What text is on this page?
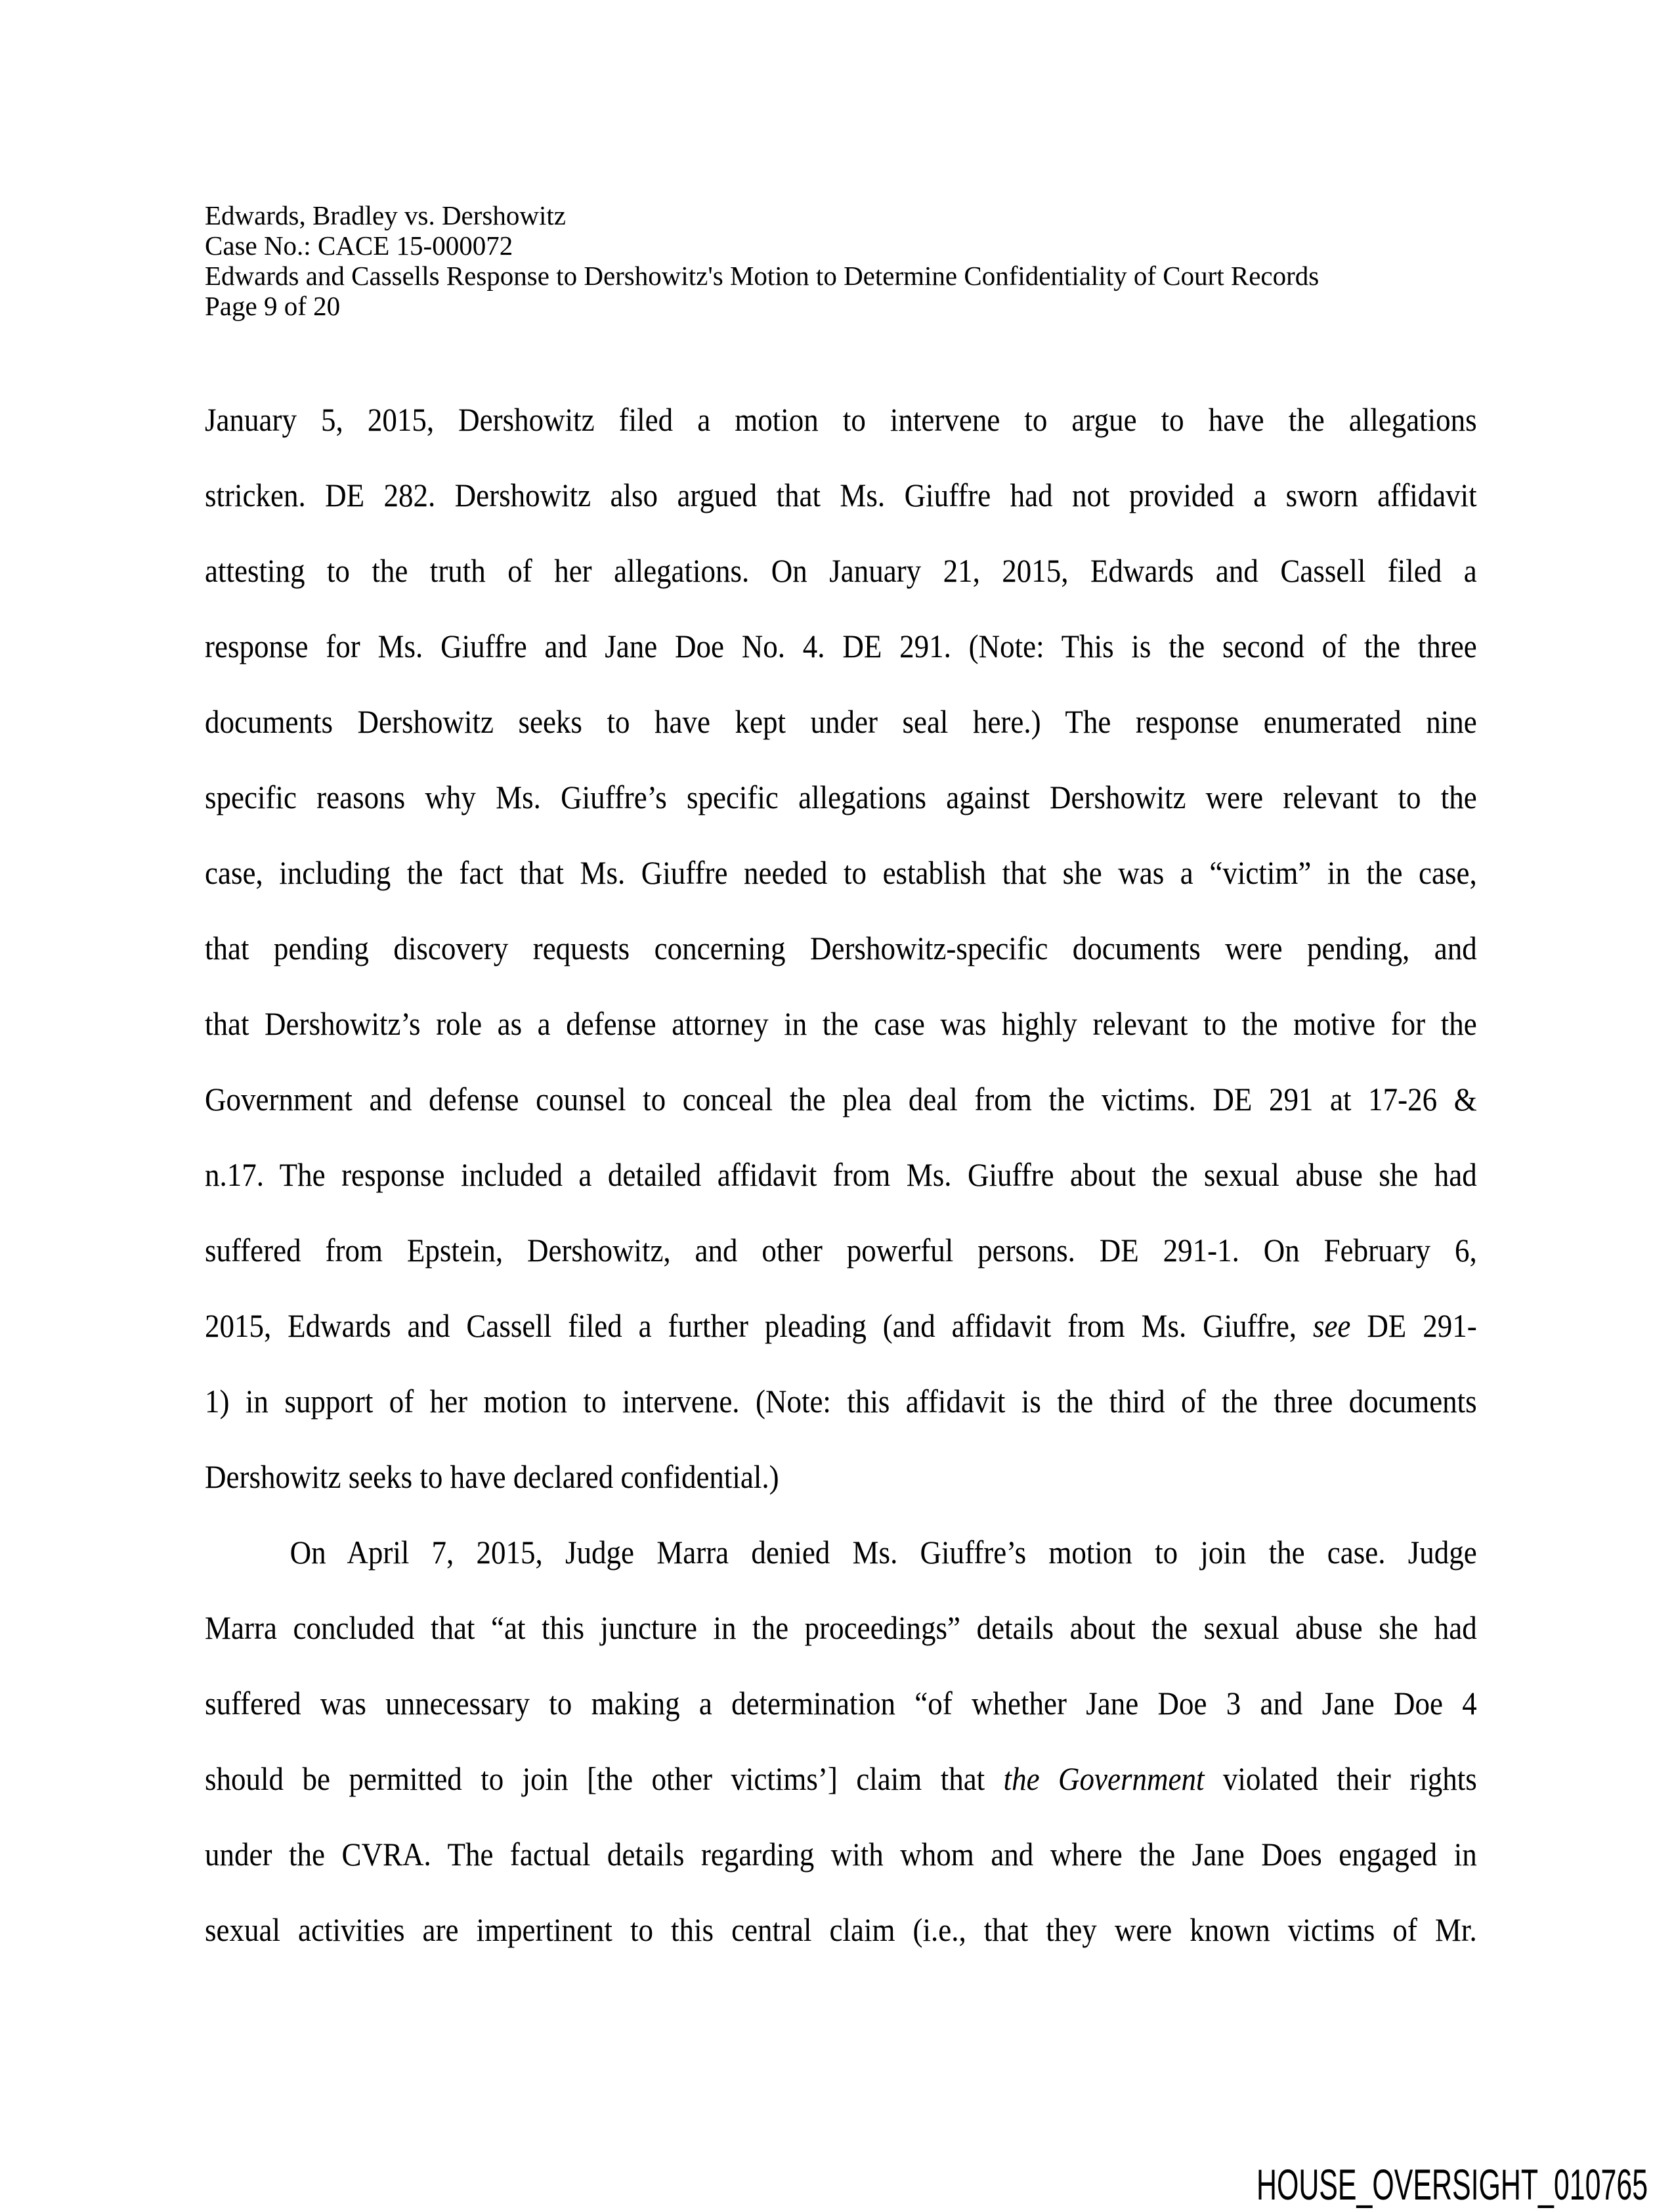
Edwards, Bradley vs. Dershowitz
Case No.: CACE 15-000072
Edwards and Cassells Response to Dershowitz's Motion to Determine Confidentiality of Court Records
Page 9 of 20
January 5, 2015, Dershowitz filed a motion to intervene to argue to have the allegations
stricken. DE 282. Dershowitz also argued that Ms. Giuffre had not provided a sworn affidavit
attesting to the truth of her allegations. On January 21, 2015, Edwards and Cassell filed a
response for Ms. Giuffre and Jane Doe No. 4. DE 291. (Note: This is the second of the three
documents Dershowitz seeks to have kept under seal here.) The response enumerated nine
specific reasons why Ms. Giuffre’s specific allegations against Dershowitz were relevant to the
case, including the fact that Ms. Giuffre needed to establish that she was a “victim” in the case,
that pending discovery requests concerning Dershowitz-specific documents were pending, and
that Dershowitz’s role as a defense attorney in the case was highly relevant to the motive for the
Government and defense counsel to conceal the plea deal from the victims. DE 291 at 17-26 &
n.17. The response included a detailed affidavit from Ms. Giuffre about the sexual abuse she had
suffered from Epstein, Dershowitz, and other powerful persons. DE 291-1. On February 6,
2015, Edwards and Cassell filed a further pleading (and affidavit from Ms. Giuffre, see DE 291-
1) in support of her motion to intervene. (Note: this affidavit is the third of the three documents
Dershowitz seeks to have declared confidential.)
On April 7, 2015, Judge Marra denied Ms. Giuffre’s motion to join the case. Judge
Marra concluded that “at this juncture in the proceedings” details about the sexual abuse she had
suffered was unnecessary to making a determination “of whether Jane Doe 3 and Jane Doe 4
should be permitted to join [the other victims’] claim that the Government violated their rights
under the CVRA. The factual details regarding with whom and where the Jane Does engaged in
sexual activities are impertinent to this central claim (i.e., that they were known victims of Mr.
HOUSE_OVERSIGHT_010765
